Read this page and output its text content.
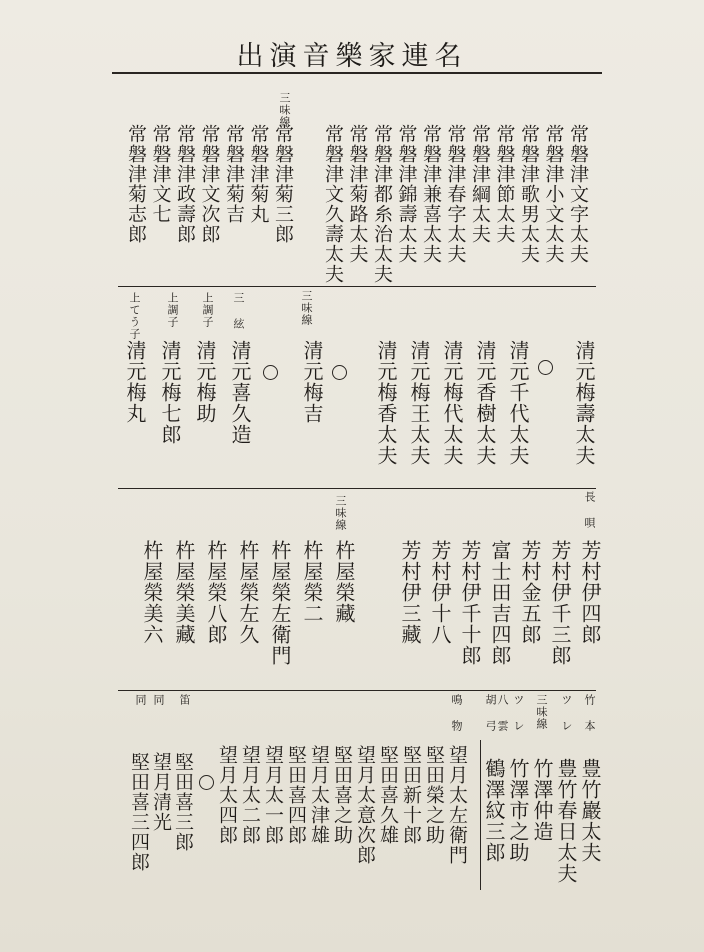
出演音樂家連名
常磐津文字太夫
常磐津小文太夫
常磐津歌男太夫
常磐津節太夫
常磐津綱太夫
常磐津春字太夫
常磐津兼喜太夫
常磐津錦壽太夫
常磐津都糸治太夫
常磐津菊路太夫
常磐津文久壽太夫
三味線
常磐津菊三郎
常磐津菊丸
常磐津菊吉
常磐津文次郎
常磐津政壽郎
常磐津文七
常磐津菊志郎
三味線
三 絃
上調子
上調子
上てう子
清元梅壽太夫
清元千代太夫
清元香樹太夫
清元梅代太夫
清元梅王太夫
清元梅香太夫
清元梅吉
清元喜久造
清元梅助
清元梅七郎
清元梅丸
長 唄
三味線
芳村伊四郎
芳村伊千三郎
芳村金五郎
富士田吉四郎
芳村伊千十郎
芳村伊十八
芳村伊三藏
杵屋榮藏
杵屋榮二
杵屋榮左衛門
杵屋榮左久
杵屋榮八郎
杵屋榮美藏
杵屋榮美六
竹 本
ツ レ
三味線
ツ レ
八 雲
胡 弓
鳴 物
笛
同
同
豊竹巖太夫
豊竹春日太夫
竹澤仲造
竹澤市之助
鶴澤紋三郎
望月太左衛門
堅田榮之助
堅田新十郎
堅田喜久雄
望月太意次郎
堅田喜之助
望月太津雄
堅田喜四郎
望月太一郎
望月太二郎
望月太四郎
堅田喜三郎
望月清光
堅田喜三四郎
